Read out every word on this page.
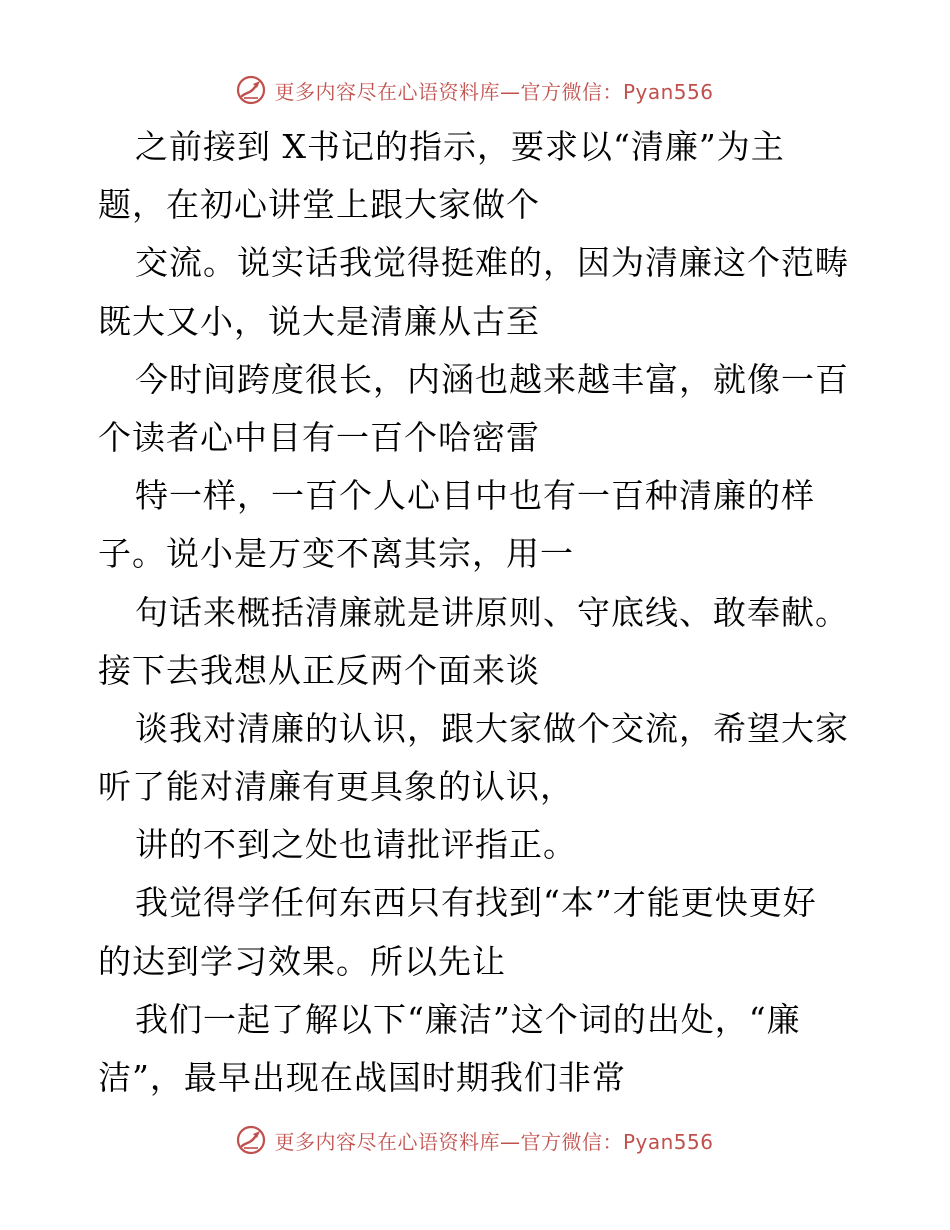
更多内容尽在心语资料库—官方微信：Pyan556
之前接到 X书记的指示，要求以“清廉”为主
题，在初心讲堂上跟大家做个
交流。说实话我觉得挺难的，因为清廉这个范畴
既大又小，说大是清廉从古至
今时间跨度很长，内涵也越来越丰富，就像一百
个读者心中目有一百个哈密雷
特一样，一百个人心目中也有一百种清廉的样
子。说小是万变不离其宗，用一
句话来概括清廉就是讲原则、守底线、敢奉献。
接下去我想从正反两个面来谈
谈我对清廉的认识，跟大家做个交流，希望大家
听了能对清廉有更具象的认识，
讲的不到之处也请批评指正。
我觉得学任何东西只有找到“本”才能更快更好
的达到学习效果。所以先让
我们一起了解以下“廉洁”这个词的出处，“廉
洁”，最早出现在战国时期我们非常
更多内容尽在心语资料库—官方微信：Pyan556
